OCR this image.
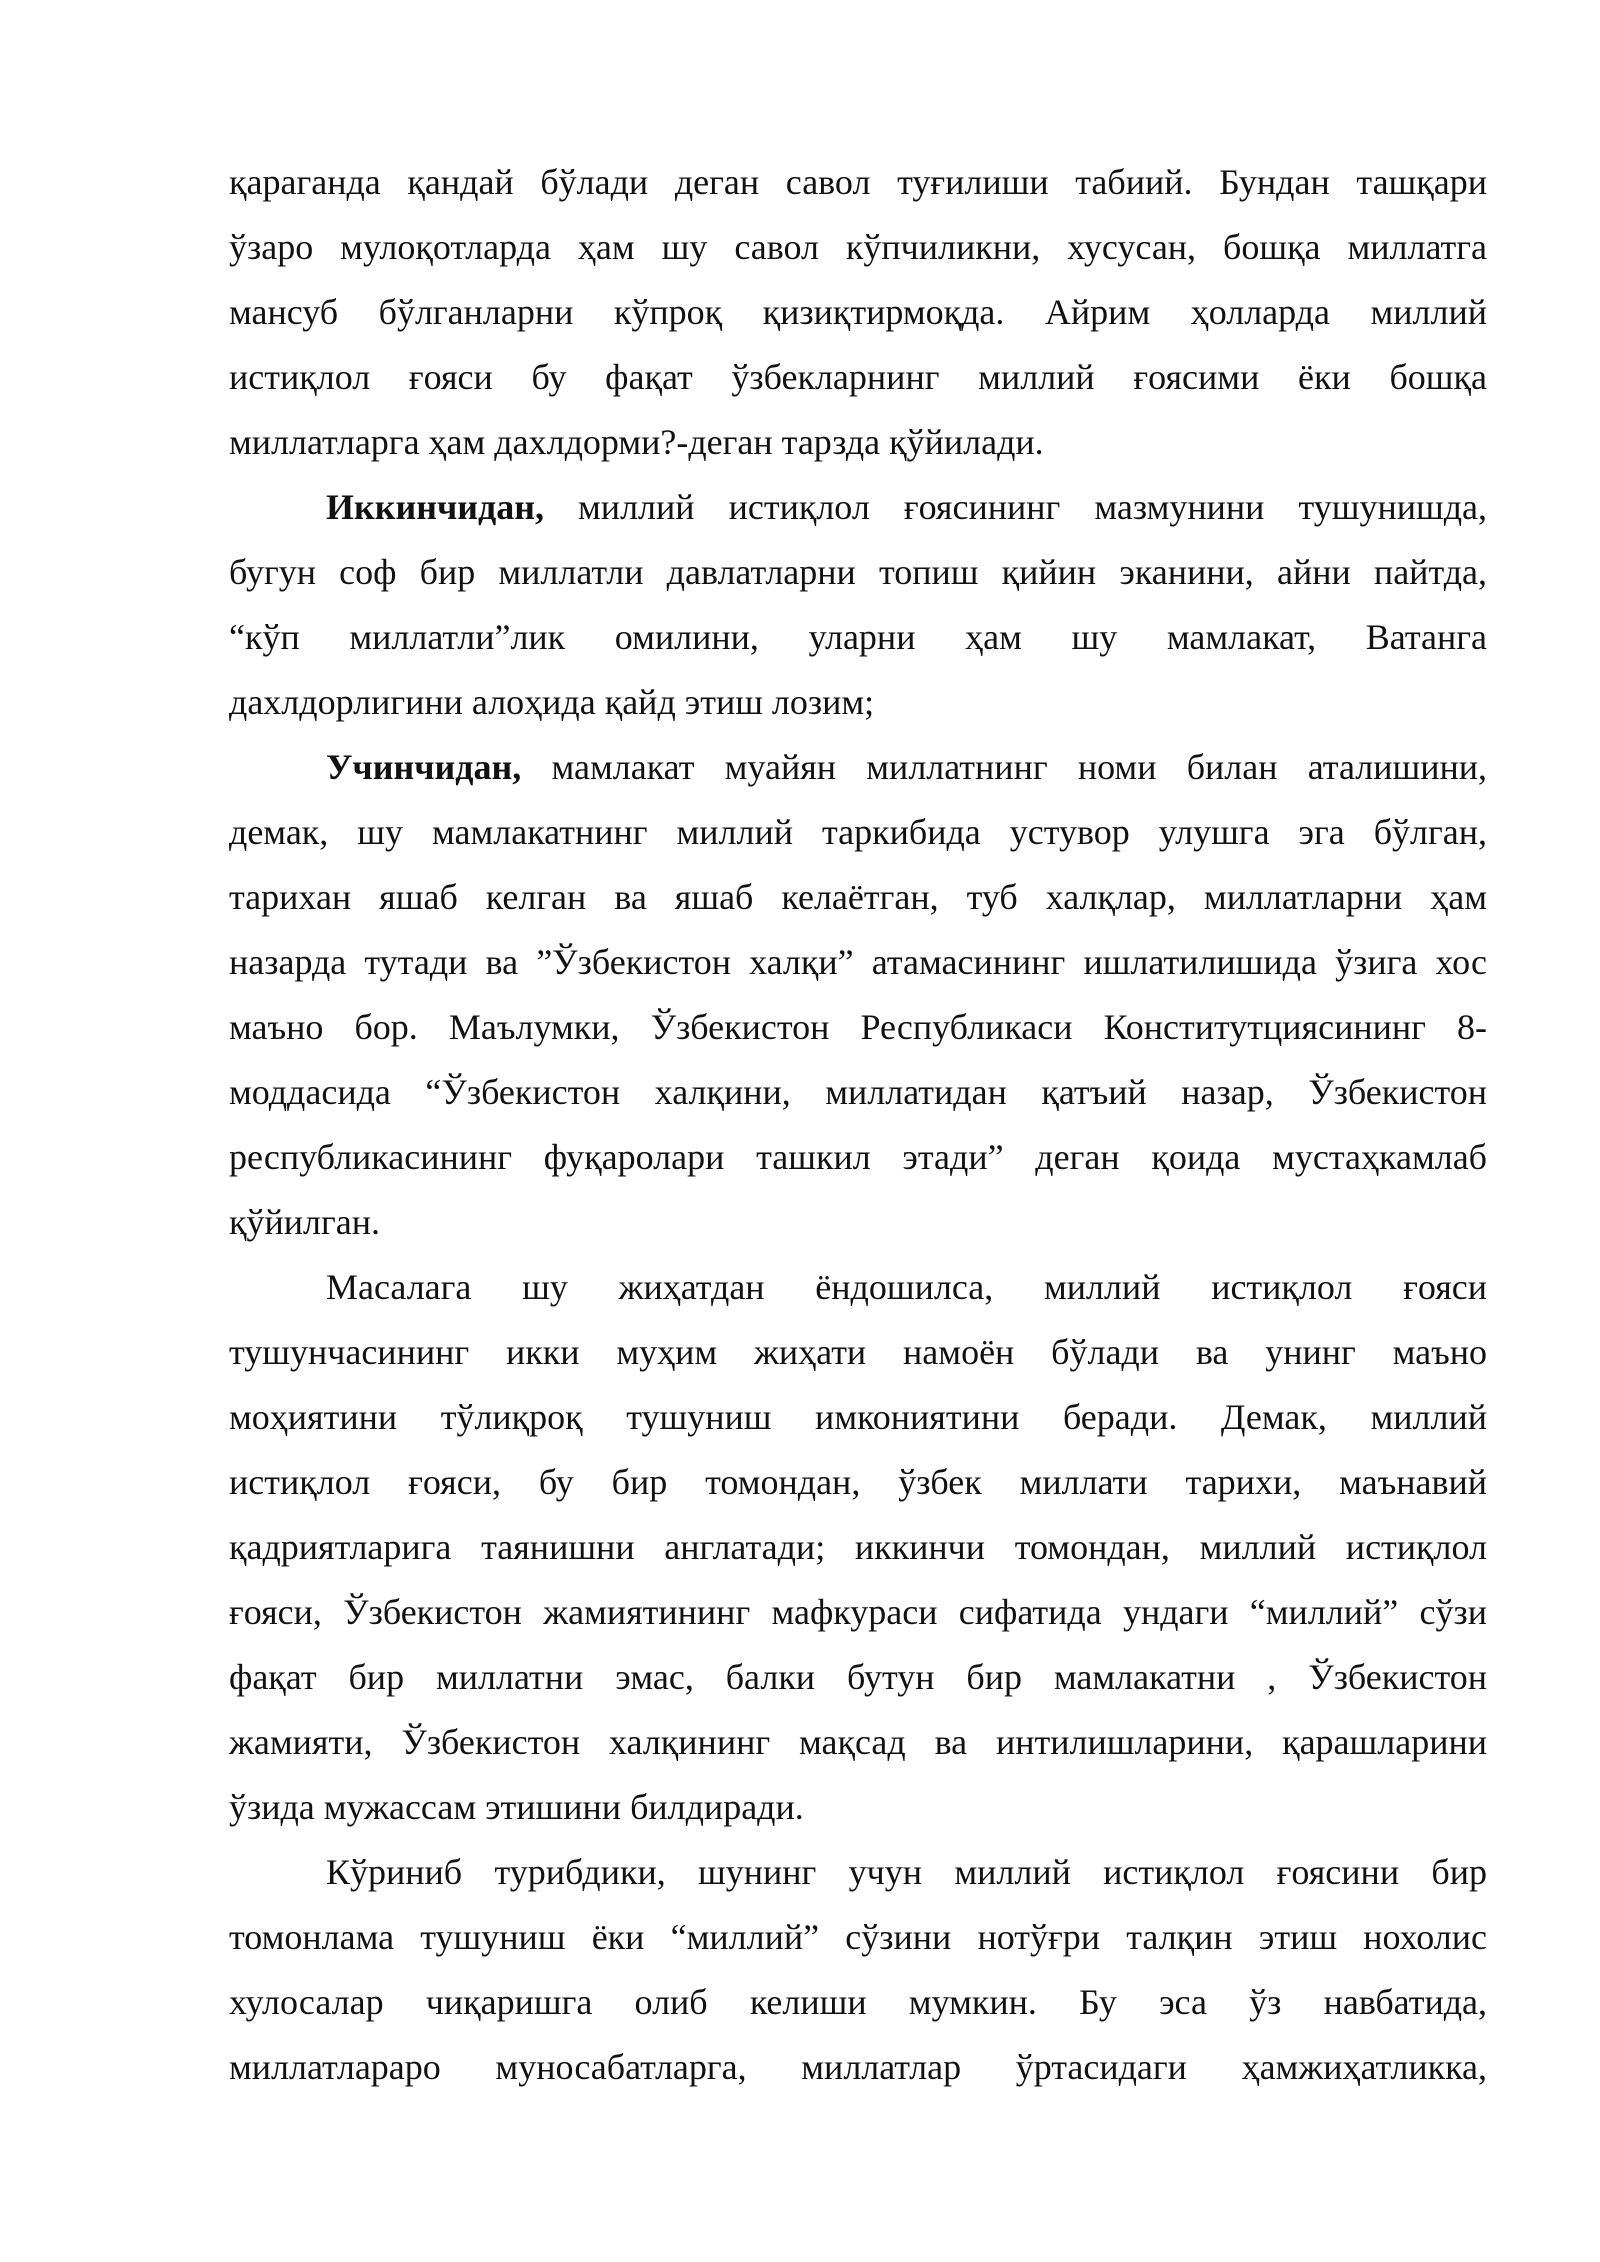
қараганда қандай бўлади деган савол туғилиши табиий. Бундан ташқари
ўзаро мулоқотларда ҳам шу савол кўпчиликни, хусусан, бошқа миллатга
мансуб бўлганларни кўпроқ қизиқтирмоқда. Айрим ҳолларда миллий
истиқлол ғояси бу фақат ўзбекларнинг миллий ғоясими ёки бошқа
миллатларга ҳам дахлдорми?-деган тарзда қўйилади.
Иккинчидан, миллий истиқлол ғоясининг мазмунини тушунишда,
бугун соф бир миллатли давлатларни топиш қийин эканини, айни пайтда,
“кўп миллатли”лик омилини, уларни ҳам шу мамлакат, Ватанга
дахлдорлигини алоҳида қайд этиш лозим;
Учинчидан, мамлакат муайян миллатнинг номи билан аталишини,
демак, шу мамлакатнинг миллий таркибида устувор улушга эга бўлган,
тарихан яшаб келган ва яшаб келаётган, туб халқлар, миллатларни ҳам
назарда тутади ва ”Ўзбекистон халқи” атамасининг ишлатилишида ўзига хос
маъно бор. Маълумки, Ўзбекистон Республикаси Конститутциясининг 8-
моддасида “Ўзбекистон халқини, миллатидан қатъий назар, Ўзбекистон
республикасининг фуқаролари ташкил этади” деган қоида мустаҳкамлаб
қўйилган.
Масалага шу жиҳатдан ёндошилса, миллий истиқлол ғояси
тушунчасининг икки муҳим жиҳати намоён бўлади ва унинг маъно
моҳиятини тўлиқроқ тушуниш имкониятини беради. Демак, миллий
истиқлол ғояси, бу бир томондан, ўзбек миллати тарихи, маънавий
қадриятларига таянишни англатади; иккинчи томондан, миллий истиқлол
ғояси, Ўзбекистон жамиятининг мафкураси сифатида ундаги “миллий” сўзи
фақат бир миллатни эмас, балки бутун бир мамлакатни , Ўзбекистон
жамияти, Ўзбекистон халқининг мақсад ва интилишларини, қарашларини
ўзида мужассам этишини билдиради.
Кўриниб турибдики, шунинг учун миллий истиқлол ғоясини бир
томонлама тушуниш ёки “миллий” сўзини нотўғри талқин этиш нохолис
хулосалар чиқаришга олиб келиши мумкин. Бу эса ўз навбатида,
миллатлараро муносабатларга, миллатлар ўртасидаги ҳамжиҳатликка,
